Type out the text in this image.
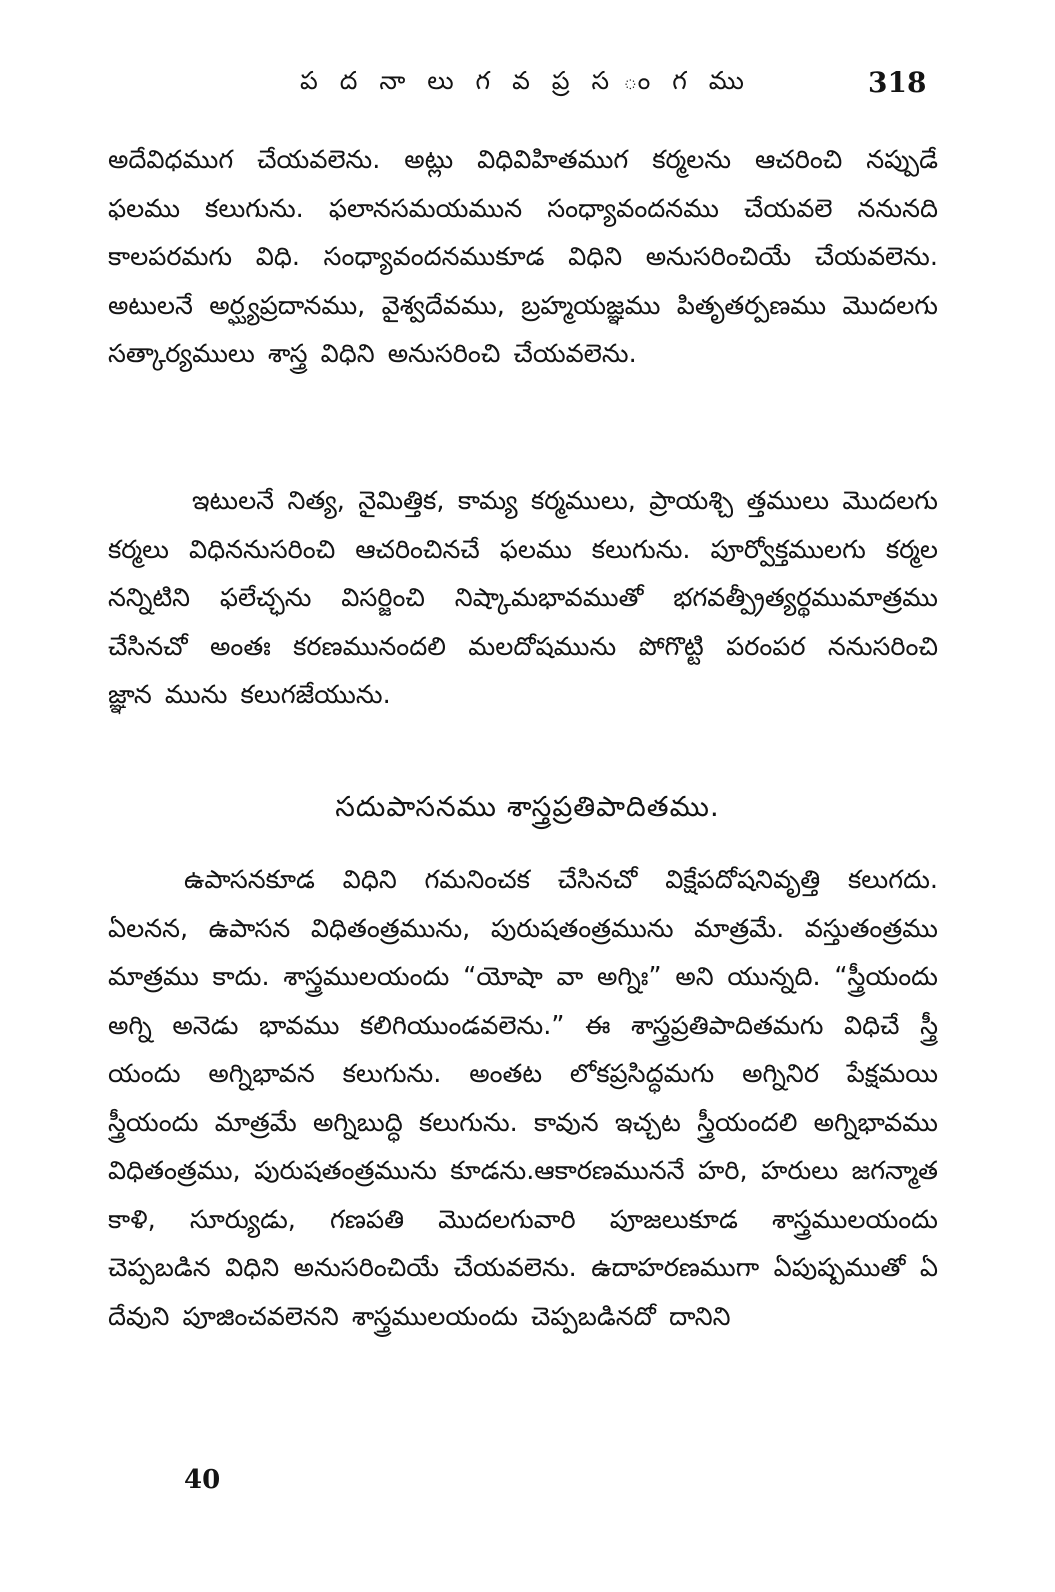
ప ద నా లు గ వ ప్ర స ం గ ము	318

అదేవిధముగ చేయవలెను. అట్లు విధివిహితముగ కర్మలను ఆచరించి నప్పుడే ఫలము కలుగును. ఫలానసమయమున సంధ్యావందనము చేయవలె ననునది కాలపరమగు విధి. సంధ్యావందనముకూడ విధిని అనుసరించియే చేయవలెను. అటులనే అర్ఘ్యప్రదానము, వైశ్వదేవము, బ్రహ్మయజ్ఞము పితృతర్పణము మొదలగు సత్కార్యములు శాస్త్ర విధిని అనుసరించి చేయవలెను.

ఇటులనే నిత్య, నైమిత్తిక, కామ్య కర్మములు, ప్రాయశ్చి త్తములు మొదలగు కర్మలు విధిననుసరించి ఆచరించినచే ఫలము కలుగును. పూర్వోక్తములగు కర్మల నన్నిటిని ఫలేచ్ఛను విసర్జించి నిష్కామభావముతో భగవత్ప్రీత్యర్థముమాత్రము చేసినచో అంతః కరణమునందలి మలదోషమును పోగొట్టి పరంపర ననుసరించి జ్ఞాన మును కలుగజేయును.

సదుపాసనము శాస్త్రప్రతిపాదితము.

ఉపాసనకూడ విధిని గమనించక చేసినచో విక్షేపదోషనివృత్తి కలుగదు. ఏలనన, ఉపాసన విధితంత్రమును, పురుషతంత్రమును మాత్రమే. వస్తుతంత్రము మాత్రము కాదు. శాస్త్రములయందు “యోషా వా అగ్నిః” అని యున్నది. “స్త్రీయందు అగ్ని అనెడు భావము కలిగియుండవలెను.” ఈ శాస్త్రప్రతిపాదితమగు విధిచే స్త్రీ యందు అగ్నిభావన కలుగును. అంతట లోకప్రసిద్ధమగు అగ్నినిర పేక్షమయి స్త్రీయందు మాత్రమే అగ్నిబుద్ధి కలుగును. కావున ఇచ్చట స్త్రీయందలి అగ్నిభావము విధితంత్రము, పురుషతంత్రమును కూడను.ఆకారణముననే హరి, హరులు జగన్మాత కాళి, సూర్యుడు, గణపతి మొదలగువారి పూజలుకూడ శాస్త్రములయందు చెప్పబడిన విధిని అనుసరించియే చేయవలెను. ఉదాహరణముగా ఏపుష్పముతో ఏ దేవుని పూజించవలెనని శాస్త్రములయందు చెప్పబడినదో దానిని

40
